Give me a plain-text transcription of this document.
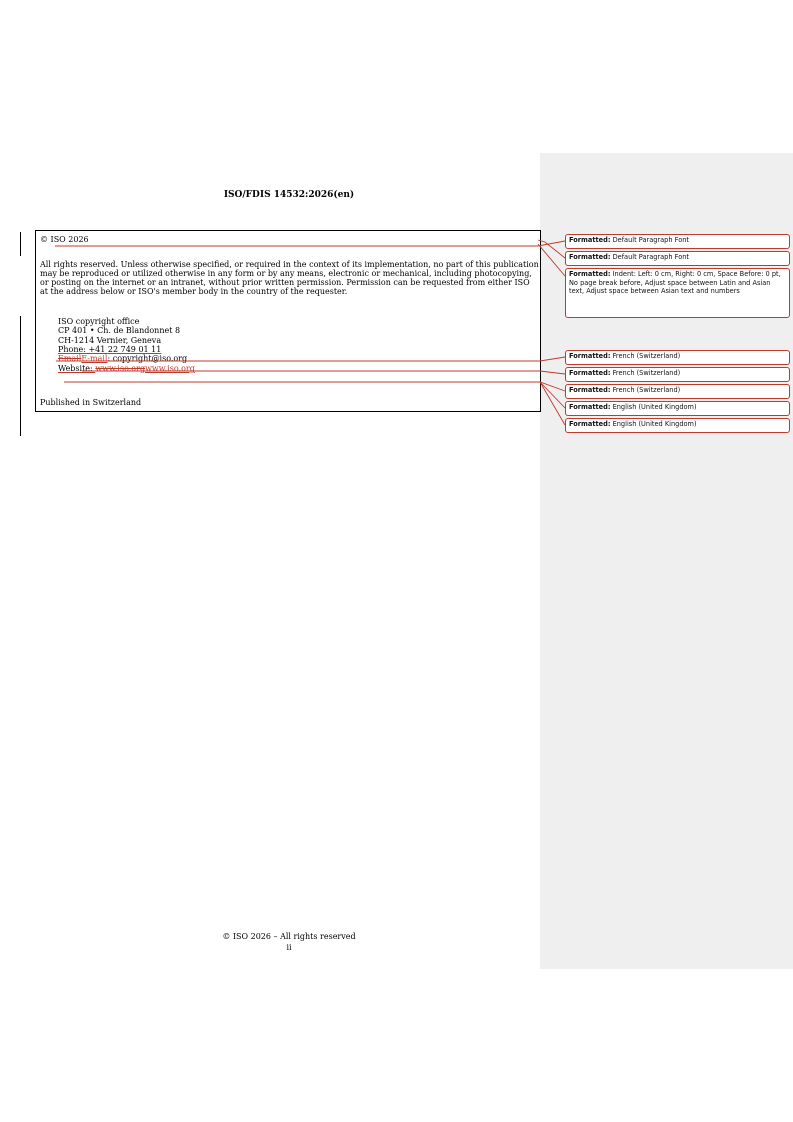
ISO/FDIS 14532:2026(en)
© ISO 2026
All rights reserved. Unless otherwise specified, or required in the context of its implementation, no part of this publication
may be reproduced or utilized otherwise in any form or by any means, electronic or mechanical, including photocopying,
or posting on the internet or an intranet, without prior written permission. Permission can be requested from either ISO
at the address below or ISO's member body in the country of the requester.
ISO copyright office
CP 401 • Ch. de Blandonnet 8
CH-1214 Vernier, Geneva
Phone: +41 22 749 01 11
EmailE-mail: copyright@iso.org
Website: www.iso.orgwww.iso.org
Published in Switzerland
Formatted: Default Paragraph Font
Formatted: Default Paragraph Font
Formatted: Indent: Left: 0 cm, Right: 0 cm, Space Before: 0 pt, No page break before, Adjust space between Latin and Asian text, Adjust space between Asian text and numbers
Formatted: French (Switzerland)
Formatted: French (Switzerland)
Formatted: French (Switzerland)
Formatted: English (United Kingdom)
Formatted: English (United Kingdom)
© ISO 2026 – All rights reserved
ii
